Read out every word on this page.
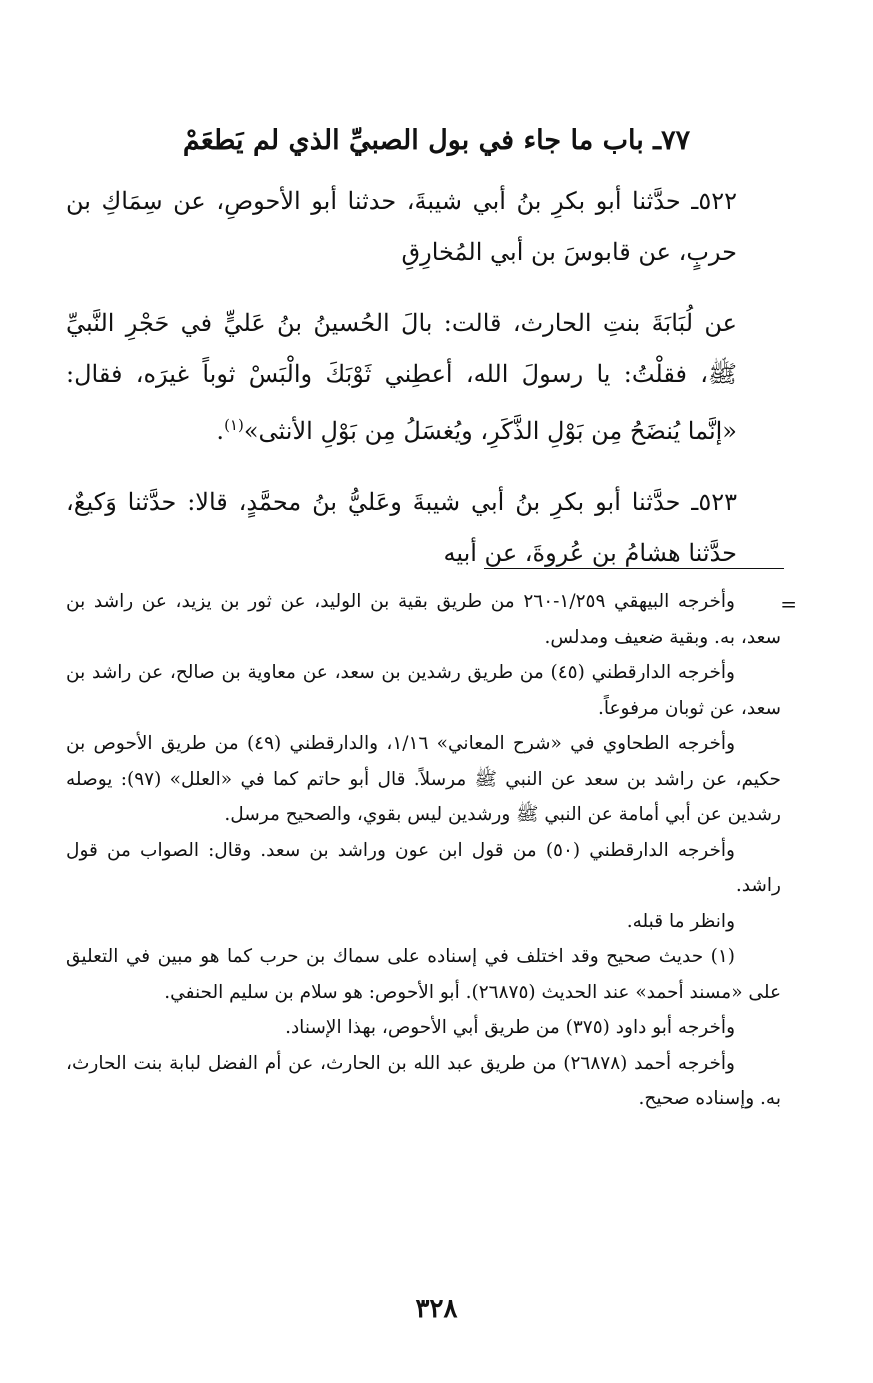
٧٧ـ باب ما جاء في بول الصبيِّ الذي لم يَطعَمْ

٥٢٢ـ حدَّثنا أبو بكرِ بنُ أبي شيبةَ، حدثنا أبو الأحوصِ، عن سِمَاكِ بن حربٍ، عن قابوسَ بن أبي المُخارِقِ

عن لُبَابَةَ بنتِ الحارث، قالت: بالَ الحُسينُ بنُ عَليٍّ في حَجْرِ النَّبيِّ ﷺ، فقلْتُ: يا رسولَ الله، أعطِني ثَوْبَكَ والْبَسْ ثوباً غيرَه، فقال: «إنَّما يُنضَحُ مِن بَوْلِ الذَّكَرِ، ويُغسَلُ مِن بَوْلِ الأنثى»$^{(١)}$.

٥٢٣ـ حدَّثنا أبو بكرِ بنُ أبي شيبةَ وعَليُّ بنُ محمَّدٍ، قالا: حدَّثنا وَكيعٌ، حدَّثنا هشامُ بن عُروةَ، عن أبيه

=

وأخرجه البيهقي ١/٢٥٩-٢٦٠ من طريق بقية بن الوليد، عن ثور بن يزيد، عن راشد بن سعد، به. وبقية ضعيف ومدلس.

وأخرجه الدارقطني (٤٥) من طريق رشدين بن سعد، عن معاوية بن صالح، عن راشد بن سعد، عن ثوبان مرفوعاً.

وأخرجه الطحاوي في «شرح المعاني» ١/١٦، والدارقطني (٤٩) من طريق الأحوص بن حكيم، عن راشد بن سعد عن النبي ﷺ مرسلاً. قال أبو حاتم كما في «العلل» (٩٧): يوصله رشدين عن أبي أمامة عن النبي ﷺ ورشدين ليس بقوي، والصحيح مرسل.

وأخرجه الدارقطني (٥٠) من قول ابن عون وراشد بن سعد. وقال: الصواب من قول راشد.

وانظر ما قبله.

(١) حديث صحيح وقد اختلف في إسناده على سماك بن حرب كما هو مبين في التعليق على «مسند أحمد» عند الحديث (٢٦٨٧٥). أبو الأحوص: هو سلام بن سليم الحنفي.

وأخرجه أبو داود (٣٧٥) من طريق أبي الأحوص، بهذا الإسناد.

وأخرجه أحمد (٢٦٨٧٨) من طريق عبد الله بن الحارث، عن أم الفضل لبابة بنت الحارث، به. وإسناده صحيح.

٣٢٨
